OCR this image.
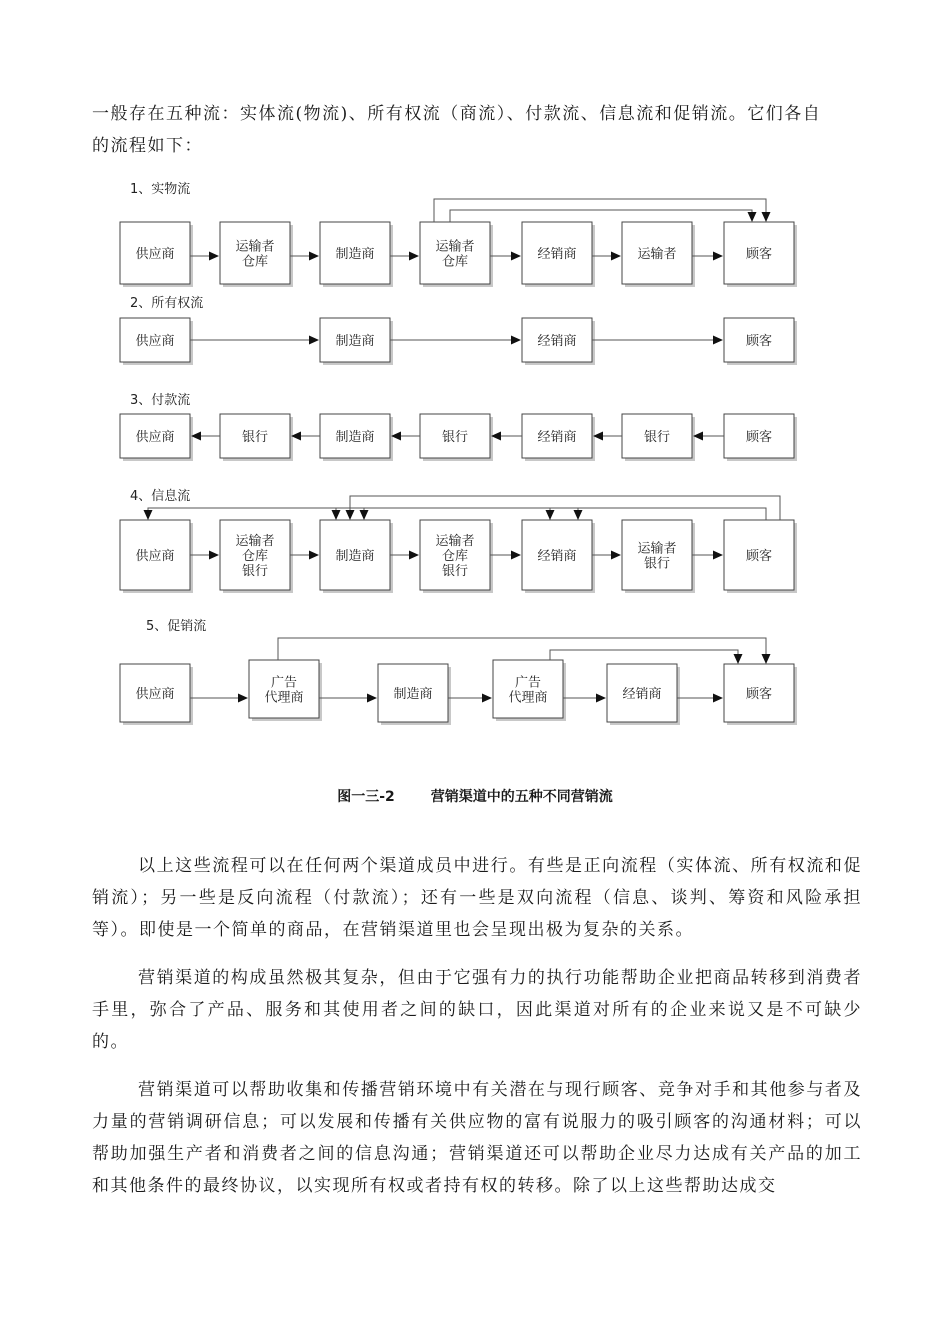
一般存在五种流：实体流(物流)、所有权流（商流）、付款流、信息流和促销流。它们各自
的流程如下：

1、实物流
供应商	运输者
仓库	制造商	运输者
仓库	经销商	运输者	顾客
2、所有权流
供应商	制造商	经销商	顾客
3、付款流
供应商	银行	制造商	银行	经销商	银行	顾客
4、信息流
供应商
运输者
仓库
银行
制造商
运输者
仓库
银行
经销商	运输者
银行	顾客
5、促销流
供应商
广告
代理商	制造商
广告
代理商	经销商	顾客
图一三-2	营销渠道中的五种不同营销流

以上这些流程可以在任何两个渠道成员中进行。有些是正向流程（实体流、所有权流和促销流）；另一些是反向流程（付款流）；还有一些是双向流程（信息、谈判、筹资和风险承担等）。即使是一个简单的商品，在营销渠道里也会呈现出极为复杂的关系。

营销渠道的构成虽然极其复杂，但由于它强有力的执行功能帮助企业把商品转移到消费者手里，弥合了产品、服务和其使用者之间的缺口，因此渠道对所有的企业来说又是不可缺少的。

营销渠道可以帮助收集和传播营销环境中有关潜在与现行顾客、竞争对手和其他参与者及力量的营销调研信息；可以发展和传播有关供应物的富有说服力的吸引顾客的沟通材料；可以帮助加强生产者和消费者之间的信息沟通；营销渠道还可以帮助企业尽力达成有关产品的加工和其他条件的最终协议，以实现所有权或者持有权的转移。除了以上这些帮助达成交
